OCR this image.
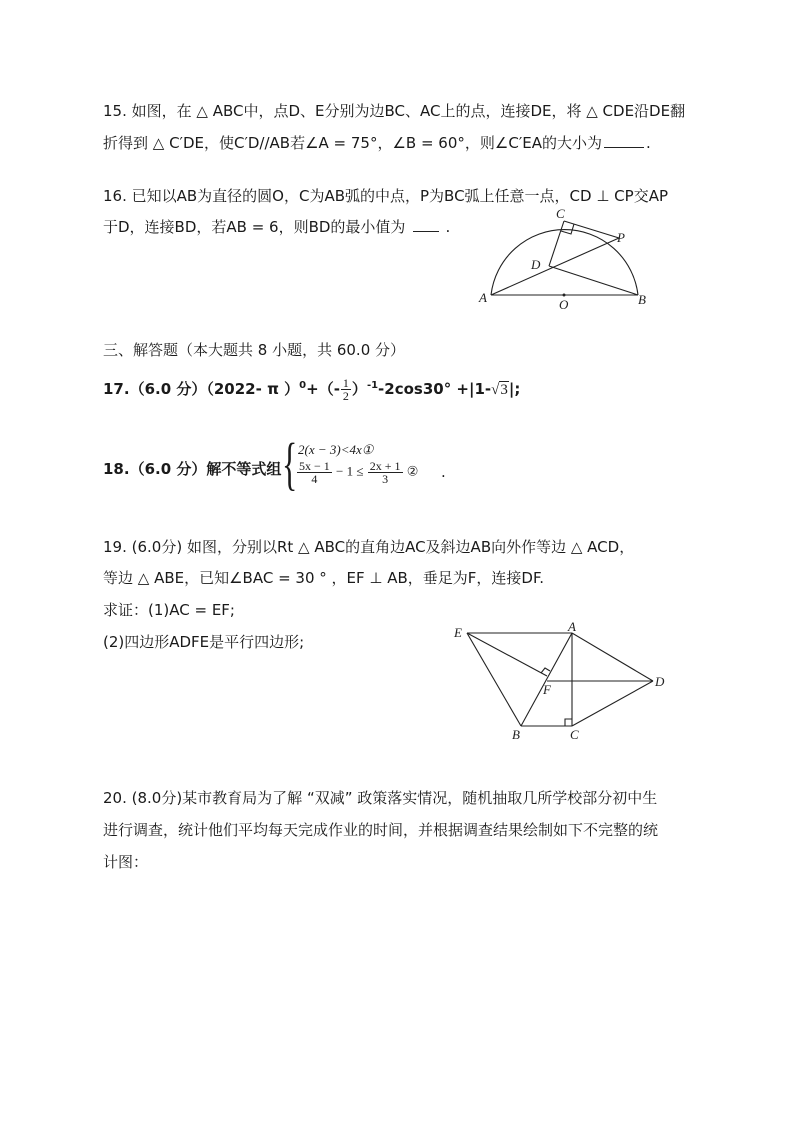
15. 如图，在 △ ABC中，点D、E分别为边BC、AC上的点，连接DE，将 △ CDE沿DE翻
折得到 △ C′DE，使C′D//AB若∠A = 75°，∠B = 60°，则∠C′EA的大小为	.
16. 已知以AB为直径的圆O，C为AB弧的中点，P为BC弧上任意一点，CD ⊥ CP交AP
于D，连接BD，若AB = 6，则BD的最小值为	.
C
P
D
A	O	B
三、解答题（本大题共 8 小题，共 60.0 分）
17.（6.0 分）（2022- π ）$^0+(- \frac{1}{2} )^{-1}-2\cos 30^\circ +|1-√3|$;
18.（6.0 分）解不等式组 { 2(x − 3)<4x①
$\frac{5x - 1}{4} - 1 \le \frac{2x + 1}{3}$ ② .
19. (6.0分) 如图，分别以Rt △ ABC的直角边AC及斜边AB向外作等边 △ ACD，
等边 △ ABE，已知∠BAC = 30 ° ，EF ⊥ AB，垂足为F，连接DF.
求证：(1)AC = EF;
(2)四边形ADFE是平行四边形;
E	A
F
D
B	C
20. (8.0分)某市教育局为了解 “双减” 政策落实情况，随机抽取几所学校部分初中生
进行调查，统计他们平均每天完成作业的时间，并根据调查结果绘制如下不完整的统
计图：
